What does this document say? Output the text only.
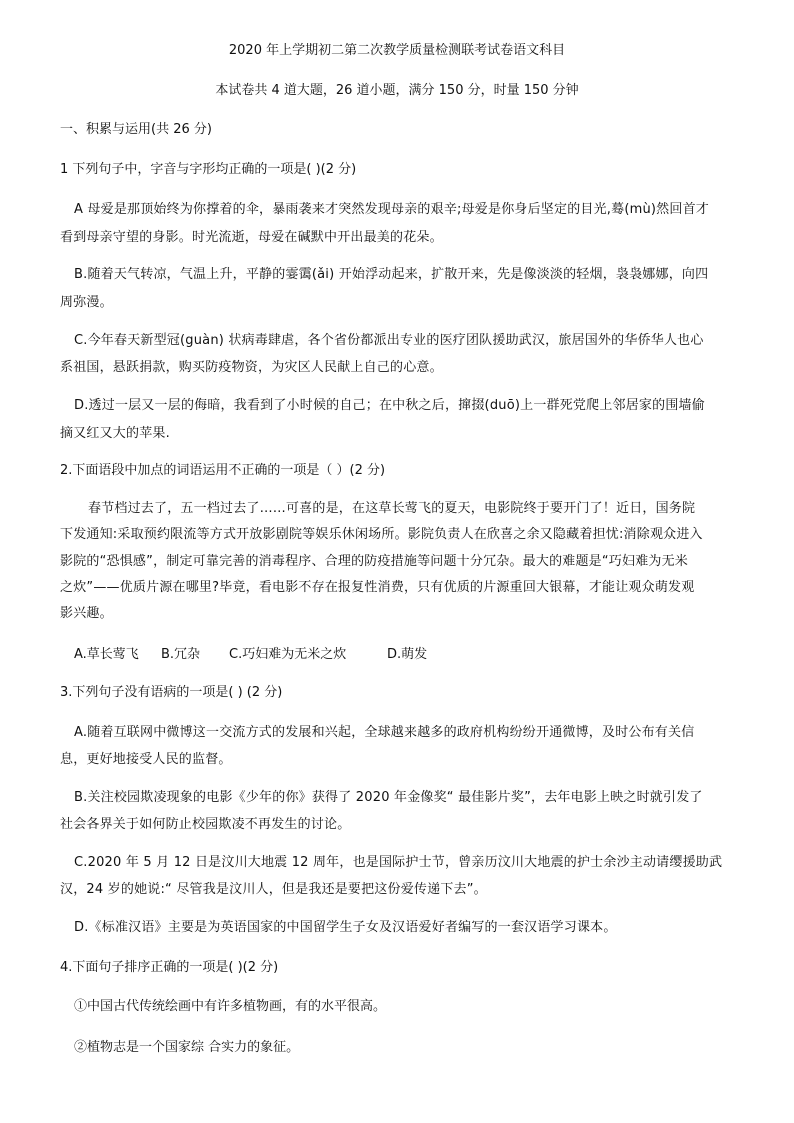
2020 年上学期初二第二次教学质量检测联考试卷语文科目
本试卷共 4 道大题，26 道小题，满分 150 分，时量 150 分钟
一、积累与运用(共 26 分)
1 下列句子中，字音与字形均正确的一项是( )(2 分)
A 母爱是那顶始终为你撑着的伞，暴雨袭来才突然发现母亲的艰辛;母爱是你身后坚定的目光,蓦(mù)然回首才
看到母亲守望的身影。时光流逝，母爱在碱默中开出最美的花朵。
B.随着天气转凉，气温上升，平静的霎霭(ǎi) 开始浮动起来，扩散开来，先是像淡淡的轻烟，袅袅娜娜，向四
周弥漫。
C.今年春天新型冠(guàn) 状病毒肆虐，各个省份都派出专业的医疗团队援助武汉，旅居国外的华侨华人也心
系祖国，悬跃捐款，购买防疫物资，为灾区人民献上自己的心意。
D.透过一层又一层的侮暗，我看到了小时候的自己；在中秋之后，撺掇(duō)上一群死党爬上邻居家的围墙偷
摘又红又大的苹果.
2.下面语段中加点的词语运用不正确的一项是（ ）(2 分)
春节档过去了，五一档过去了……可喜的是，在这草长莺飞的夏天，电影院终于要开门了！近日，国务院
下发通知:采取预约限流等方式开放影剧院等娱乐休闲场所。影院负责人在欣喜之余又隐藏着担忧:消除观众进入
影院的“恐惧感”，制定可靠完善的消毒程序、合理的防疫措施等问题十分冗杂。最大的难题是“巧妇难为无米
之炊”——优质片源在哪里?毕竟，看电影不存在报复性消费，只有优质的片源重回大银幕，才能让观众萌发观
影兴趣。
A.草长莺飞	B.冗杂	C.巧妇难为无米之炊	D.萌发
3.下列句子没有语病的一项是( ) (2 分)
A.随着互联网中微博这一交流方式的发展和兴起，全球越来越多的政府机构纷纷开通微博，及时公布有关信
息，更好地接受人民的监督。
B.关注校园欺凌现象的电影《少年的你》获得了 2020 年金像奖“ 最佳影片奖”，去年电影上映之时就引发了
社会各界关于如何防止校园欺凌不再发生的讨论。
C.2020 年 5 月 12 日是汶川大地震 12 周年，也是国际护士节，曾亲历汶川大地震的护士余沙主动请缨援助武
汉，24 岁的她说:“ 尽管我是汶川人，但是我还是要把这份爱传递下去”。
D.《标准汉语》主要是为英语国家的中国留学生子女及汉语爱好者编写的一套汉语学习课本。
4.下面句子排序正确的一项是( )(2 分)
①中国古代传统绘画中有许多植物画，有的水平很高。
②植物志是一个国家综 合实力的象征。
